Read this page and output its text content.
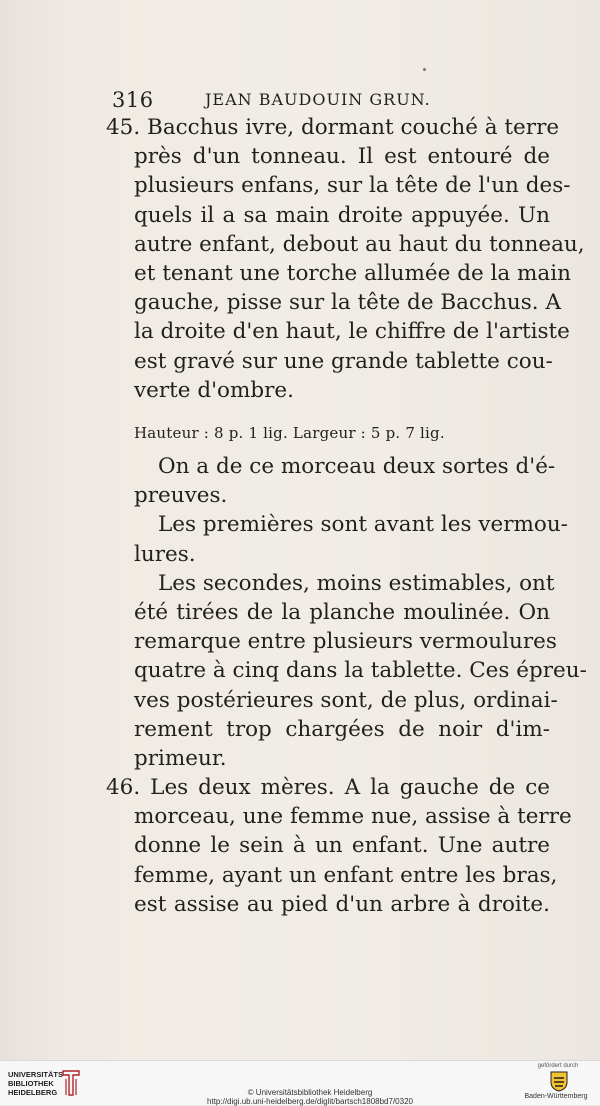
316	JEAN BAUDOUIN GRUN.
45. Bacchus ivre, dormant couché à terre
près d'un tonneau. Il est entouré de
plusieurs enfans, sur la tête de l'un des-
quels il a sa main droite appuyée. Un
autre enfant, debout au haut du tonneau,
et tenant une torche allumée de la main
gauche, pisse sur la tête de Bacchus. A
la droite d'en haut, le chiffre de l'artiste
est gravé sur une grande tablette cou-
verte d'ombre.
Hauteur : 8 p. 1 lig. Largeur : 5 p. 7 lig.
On a de ce morceau deux sortes d'é-
preuves.
Les premières sont avant les vermou-
lures.
Les secondes, moins estimables, ont
été tirées de la planche moulinée. On
remarque entre plusieurs vermoulures
quatre à cinq dans la tablette. Ces épreu-
ves postérieures sont, de plus, ordinai-
rement trop chargées de noir d'im-
primeur.
46. Les deux mères. A la gauche de ce
morceau, une femme nue, assise à terre
donne le sein à un enfant. Une autre
femme, ayant un enfant entre les bras,
est assise au pied d'un arbre à droite.
UNIVERSITÄTS-
BIBLIOTHEK
HEIDELBERG	© Universitätsbibliothek Heidelberg
http://digi.ub.uni-heidelberg.de/diglit/bartsch1808bd7/0320
gefördert durch
Baden-Württemberg
